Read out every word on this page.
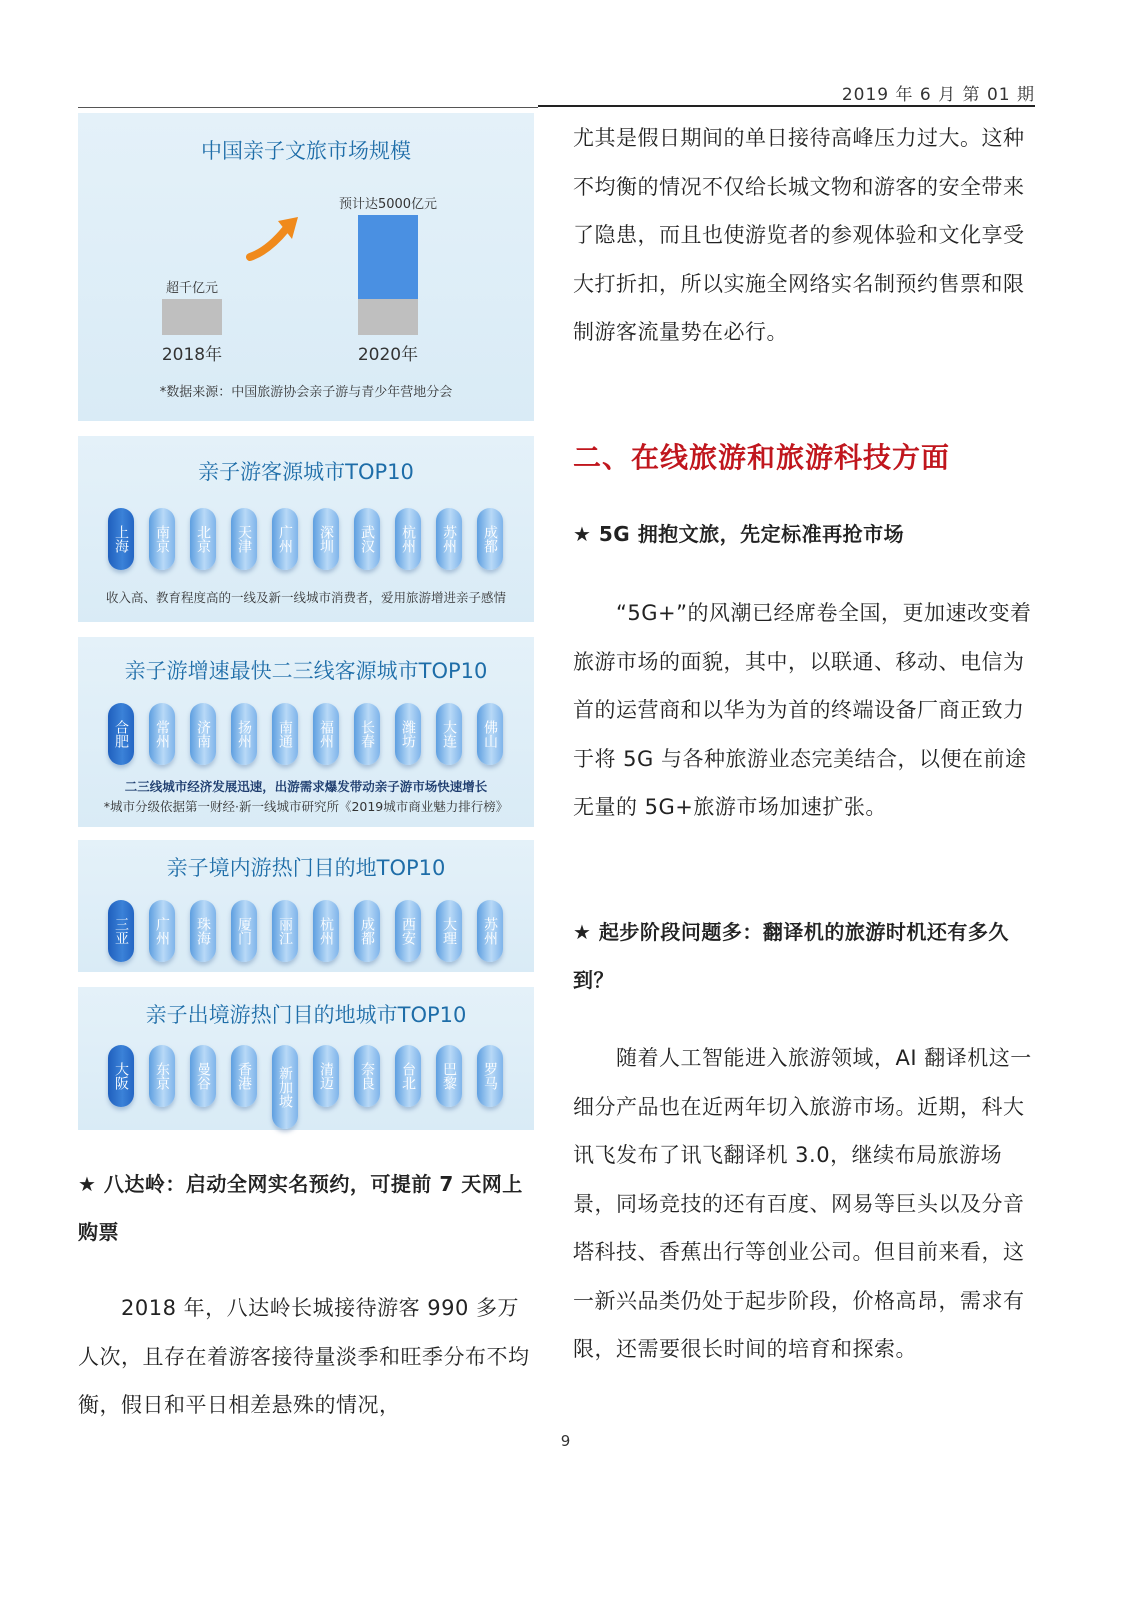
2019 年 6 月 第 01 期
中国亲子文旅市场规模
超千亿元
2018年
预计达5000亿元
2020年
*数据来源：中国旅游协会亲子游与青少年营地分会
亲子游客源城市TOP10
上海	南京	北京	天津	广州	深圳	武汉	杭州	苏州	成都
收入高、教育程度高的一线及新一线城市消费者，爱用旅游增进亲子感情
亲子游增速最快二三线客源城市TOP10
合肥	常州	济南	扬州	南通	福州	长春	潍坊	大连	佛山
二三线城市经济发展迅速，出游需求爆发带动亲子游市场快速增长
*城市分级依据第一财经·新一线城市研究所《2019城市商业魅力排行榜》
亲子境内游热门目的地TOP10
三亚	广州	珠海	厦门	丽江	杭州	成都	西安	大理	苏州
亲子出境游热门目的地城市TOP10
大阪	东京	曼谷	香港	新加坡	清迈	奈良	台北	巴黎	罗马

★ 八达岭：启动全网实名预约，可提前 7 天网上购票

　　2018 年，八达岭长城接待游客 990 多万人次，且存在着游客接待量淡季和旺季分布不均衡，假日和平日相差悬殊的情况，

尤其是假日期间的单日接待高峰压力过大。这种不均衡的情况不仅给长城文物和游客的安全带来了隐患，而且也使游览者的参观体验和文化享受大打折扣，所以实施全网络实名制预约售票和限制游客流量势在必行。

二、在线旅游和旅游科技方面

★ 5G 拥抱文旅，先定标准再抢市场

　　“5G+”的风潮已经席卷全国，更加速改变着旅游市场的面貌，其中，以联通、移动、电信为首的运营商和以华为为首的终端设备厂商正致力于将 5G 与各种旅游业态完美结合，以便在前途无量的 5G+旅游市场加速扩张。

★ 起步阶段问题多：翻译机的旅游时机还有多久到？

　　随着人工智能进入旅游领域，AI 翻译机这一细分产品也在近两年切入旅游市场。近期，科大讯飞发布了讯飞翻译机 3.0，继续布局旅游场景，同场竞技的还有百度、网易等巨头以及分音塔科技、香蕉出行等创业公司。但目前来看，这一新兴品类仍处于起步阶段，价格高昂，需求有限，还需要很长时间的培育和探索。

9
